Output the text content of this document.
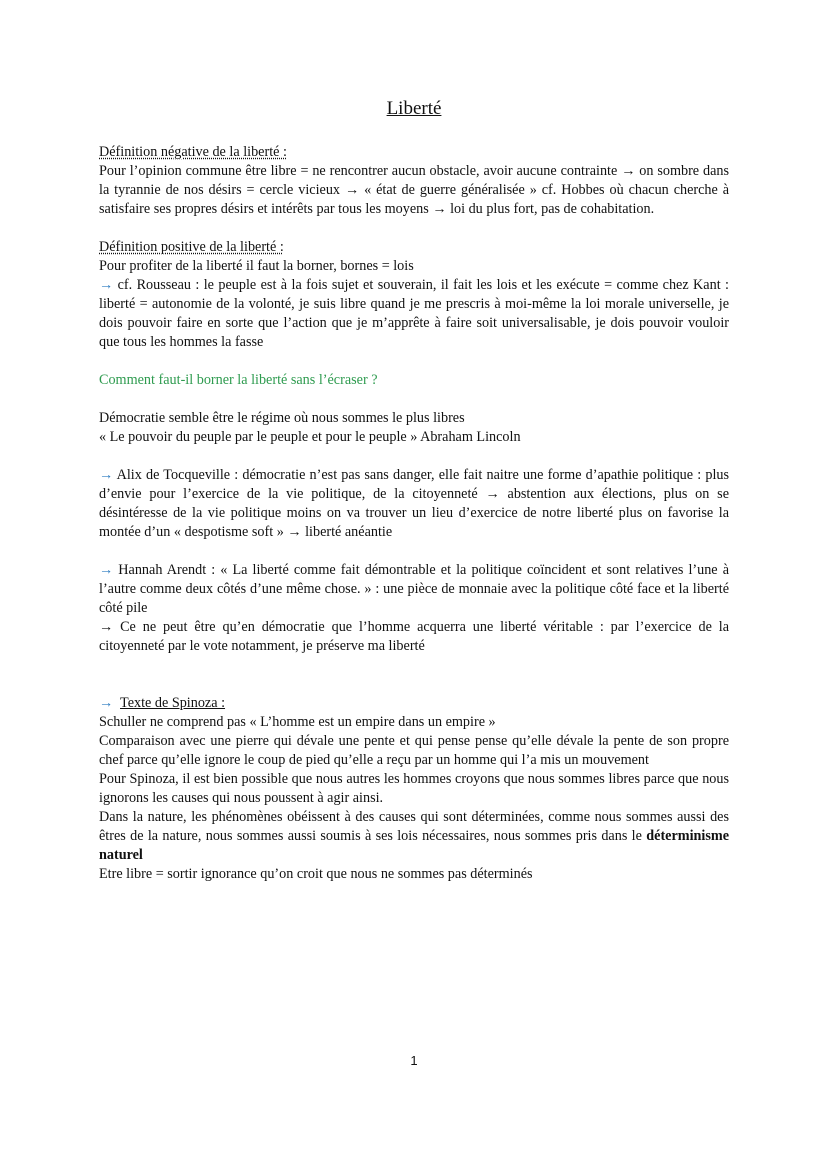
Liberté

Définition négative de la liberté :

Pour l’opinion commune être libre = ne rencontrer aucun obstacle, avoir aucune contrainte → on sombre dans la tyrannie de nos désirs = cercle vicieux → « état de guerre généralisée » cf. Hobbes où chacun cherche à satisfaire ses propres désirs et intérêts par tous les moyens → loi du plus fort, pas de cohabitation.

Définition positive de la liberté :

Pour profiter de la liberté il faut la borner, bornes = lois

→ cf. Rousseau : le peuple est à la fois sujet et souverain, il fait les lois et les exécute = comme chez Kant : liberté = autonomie de la volonté, je suis libre quand je me prescris à moi-même la loi morale universelle, je dois pouvoir faire en sorte que l’action que je m’apprête à faire soit universalisable, je dois pouvoir vouloir que tous les hommes la fasse

Comment faut-il borner la liberté sans l’écraser ?

Démocratie semble être le régime où nous sommes le plus libres

« Le pouvoir du peuple par le peuple et pour le peuple » Abraham Lincoln

→ Alix de Tocqueville : démocratie n’est pas sans danger, elle fait naitre une forme d’apathie politique : plus d’envie pour l’exercice de la vie politique, de la citoyenneté → abstention aux élections, plus on se désintéresse de la vie politique moins on va trouver un lieu d’exercice de notre liberté plus on favorise la montée d’un « despotisme soft » → liberté anéantie

→ Hannah Arendt : « La liberté comme fait démontrable et la politique coïncident et sont relatives l’une à l’autre comme deux côtés d’une même chose. » : une pièce de monnaie avec la politique côté face et la liberté côté pile

→ Ce ne peut être qu’en démocratie que l’homme acquerra une liberté véritable : par l’exercice de la citoyenneté par le vote notamment, je préserve ma liberté

→ Texte de Spinoza :

Schuller ne comprend pas « L’homme est un empire dans un empire »

Comparaison avec une pierre qui dévale une pente et qui pense pense qu’elle dévale la pente de son propre chef parce qu’elle ignore le coup de pied qu’elle a reçu par un homme qui l’a mis un mouvement

Pour Spinoza, il est bien possible que nous autres les hommes croyons que nous sommes libres parce que nous ignorons les causes qui nous poussent à agir ainsi.

Dans la nature, les phénomènes obéissent à des causes qui sont déterminées, comme nous sommes aussi des êtres de la nature, nous sommes aussi soumis à ses lois nécessaires, nous sommes pris dans le déterminisme naturel

Etre libre = sortir ignorance qu’on croit que nous ne sommes pas déterminés

1
